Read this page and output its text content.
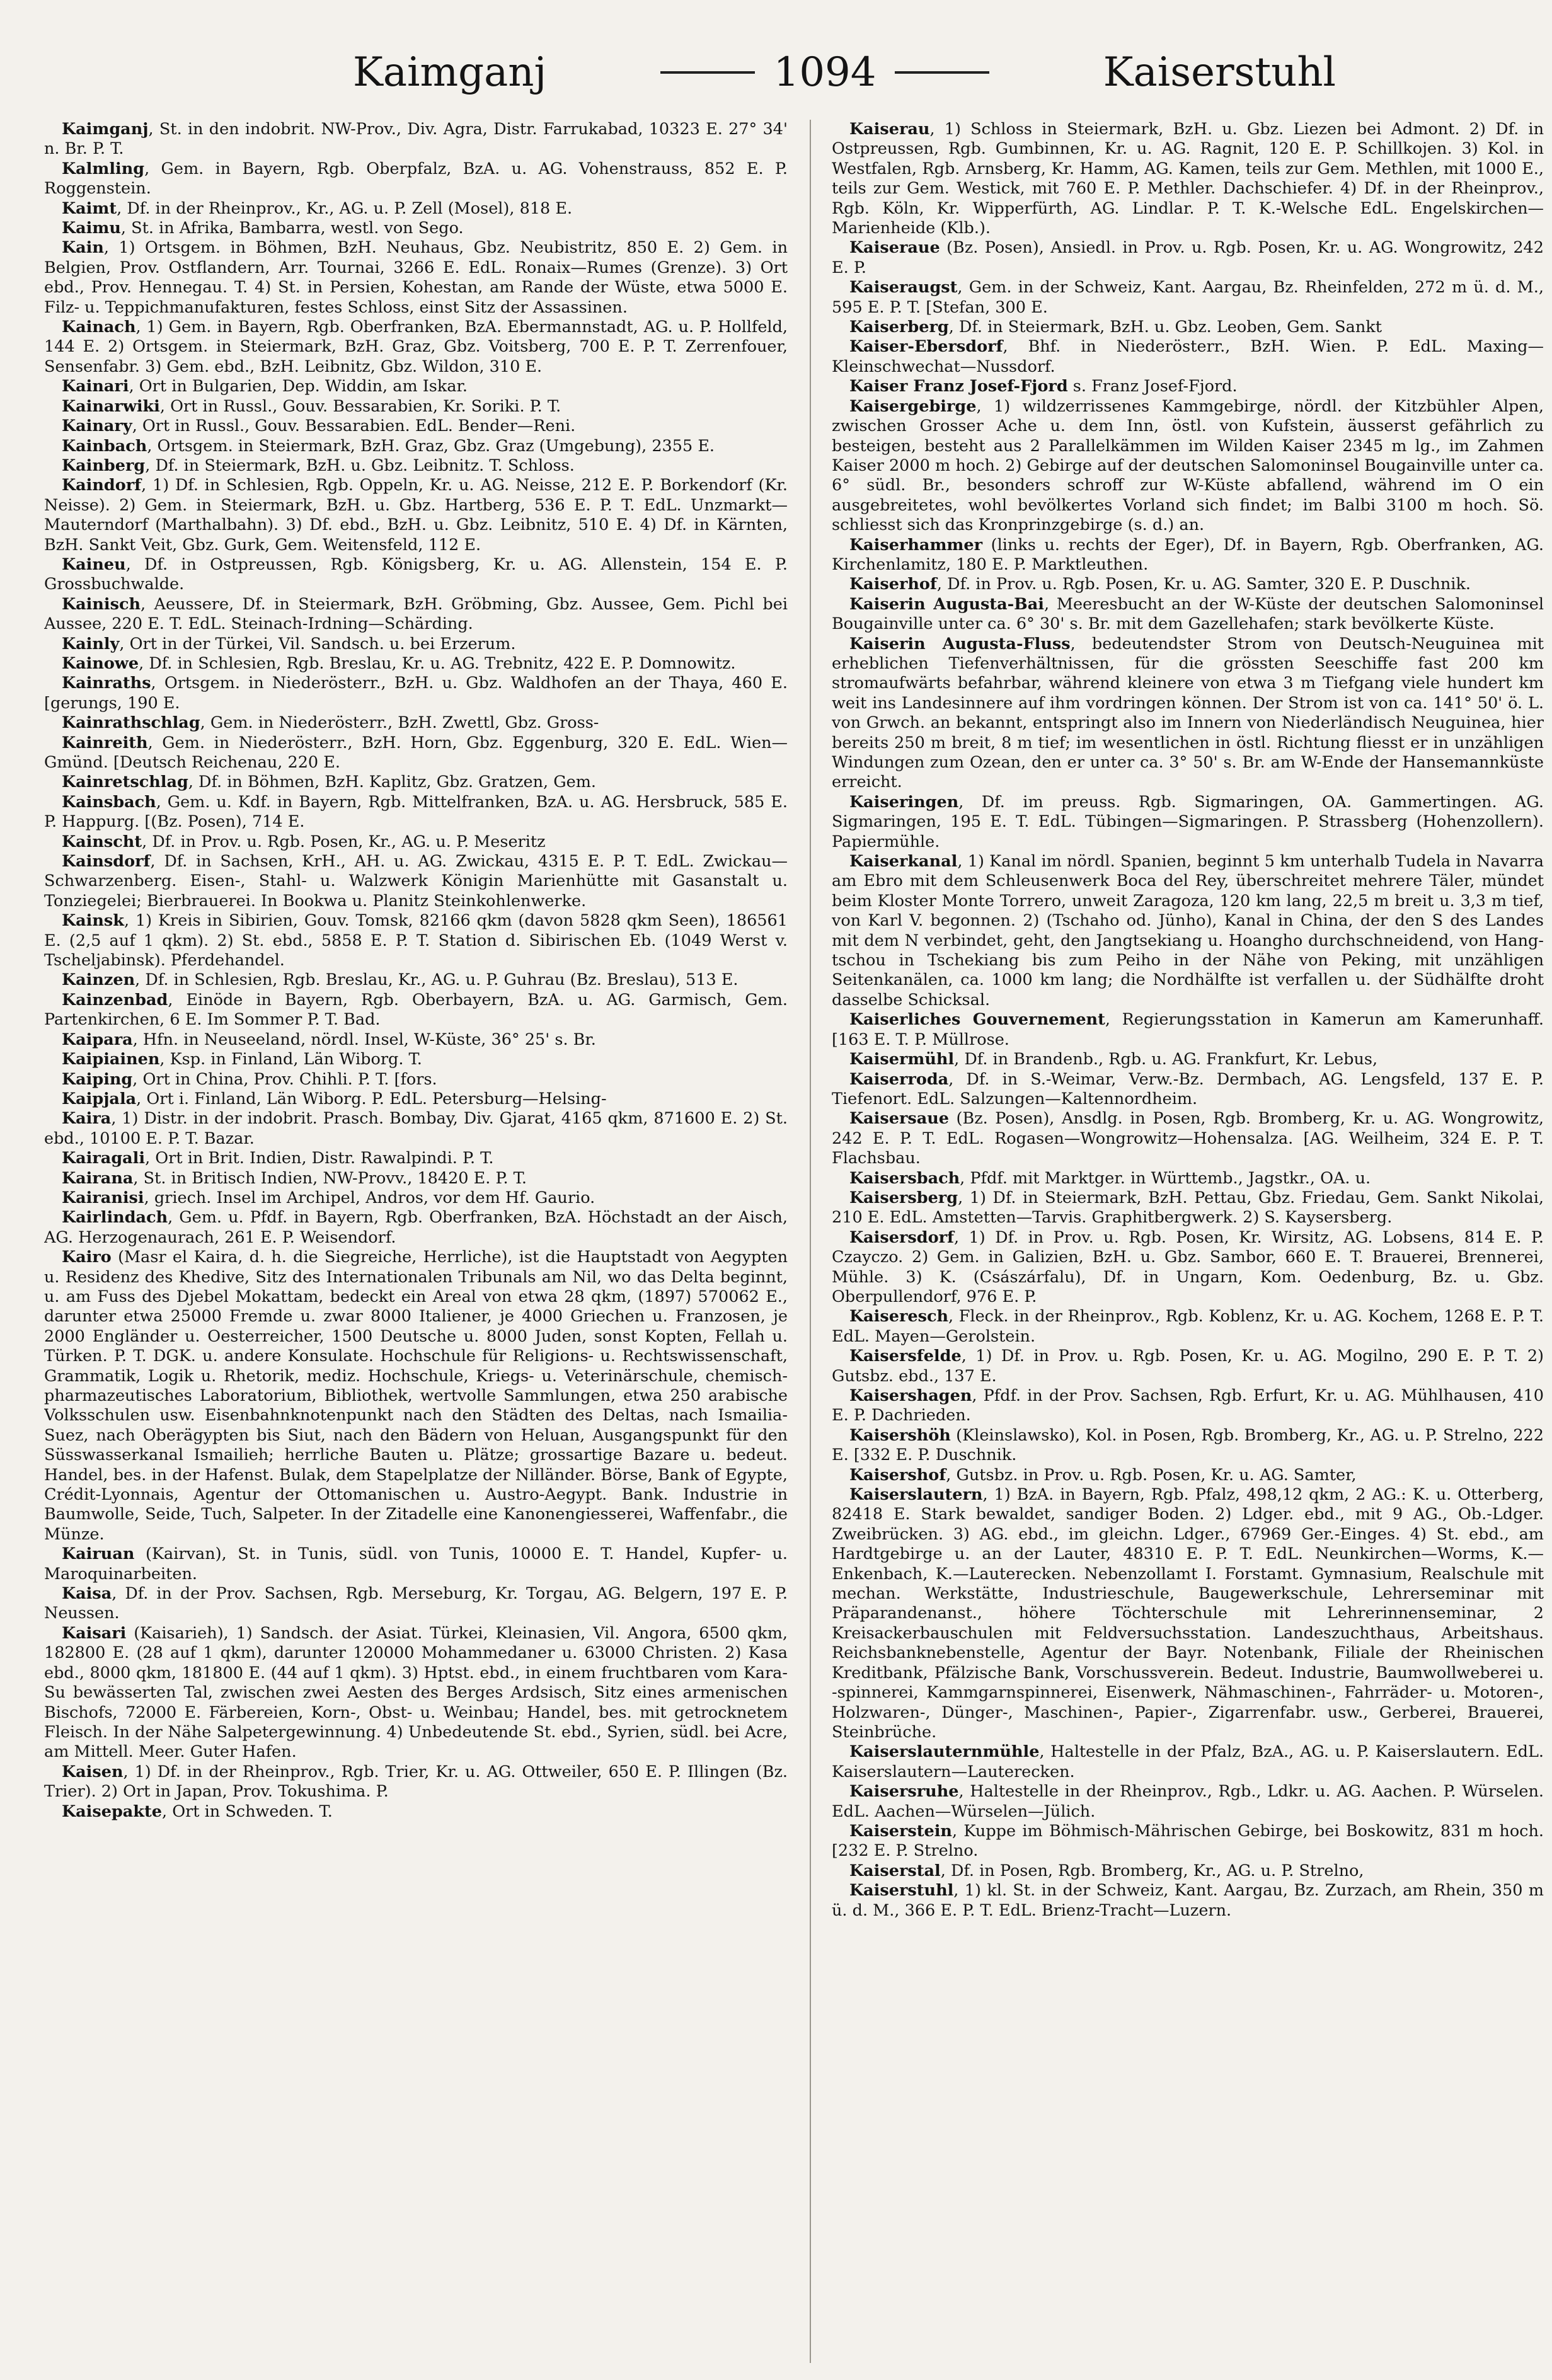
Kaimganj	1094	Kaiserstuhl

Kaimganj, St. in den indobrit. NW-Prov., Div. Agra, Distr. Farrukabad, 10323 E. 27° 34' n. Br. P. T.

Kalmling, Gem. in Bayern, Rgb. Oberpfalz, BzA. u. AG. Vohenstrauss, 852 E. P. Roggenstein.

Kaimt, Df. in der Rheinprov., Kr., AG. u. P. Zell (Mosel), 818 E.

Kaimu, St. in Afrika, Bambarra, westl. von Sego.

Kain, 1) Ortsgem. in Böhmen, BzH. Neuhaus, Gbz. Neubistritz, 850 E. 2) Gem. in Belgien, Prov. Ostflandern, Arr. Tournai, 3266 E. EdL. Ronaix—Rumes (Grenze). 3) Ort ebd., Prov. Hennegau. T. 4) St. in Persien, Kohestan, am Rande der Wüste, etwa 5000 E. Filz- u. Teppichmanufakturen, festes Schloss, einst Sitz der Assassinen.

Kainach, 1) Gem. in Bayern, Rgb. Oberfranken, BzA. Ebermannstadt, AG. u. P. Hollfeld, 144 E. 2) Ortsgem. in Steiermark, BzH. Graz, Gbz. Voitsberg, 700 E. P. T. Zerrenfouer, Sensenfabr. 3) Gem. ebd., BzH. Leibnitz, Gbz. Wildon, 310 E.

Kainari, Ort in Bulgarien, Dep. Widdin, am Iskar.

Kainarwiki, Ort in Russl., Gouv. Bessarabien, Kr. Soriki. P. T.

Kainary, Ort in Russl., Gouv. Bessarabien. EdL. Bender—Reni.

Kainbach, Ortsgem. in Steiermark, BzH. Graz, Gbz. Graz (Umgebung), 2355 E.

Kainberg, Df. in Steiermark, BzH. u. Gbz. Leibnitz. T. Schloss.

Kaindorf, 1) Df. in Schlesien, Rgb. Oppeln, Kr. u. AG. Neisse, 212 E. P. Borkendorf (Kr. Neisse). 2) Gem. in Steiermark, BzH. u. Gbz. Hartberg, 536 E. P. T. EdL. Unzmarkt—Mauterndorf (Marthalbahn). 3) Df. ebd., BzH. u. Gbz. Leibnitz, 510 E. 4) Df. in Kärnten, BzH. Sankt Veit, Gbz. Gurk, Gem. Weitensfeld, 112 E.

Kaineu, Df. in Ostpreussen, Rgb. Königsberg, Kr. u. AG. Allenstein, 154 E. P. Grossbuchwalde.

Kainisch, Aeussere, Df. in Steiermark, BzH. Gröbming, Gbz. Aussee, Gem. Pichl bei Aussee, 220 E. T. EdL. Steinach-Irdning—Schärding.

Kainly, Ort in der Türkei, Vil. Sandsch. u. bei Erzerum.

Kainowe, Df. in Schlesien, Rgb. Breslau, Kr. u. AG. Trebnitz, 422 E. P. Domnowitz.

Kainraths, Ortsgem. in Niederösterr., BzH. u. Gbz. Waldhofen an der Thaya, 460 E. [gerungs, 190 E.

Kainrathschlag, Gem. in Niederösterr., BzH. Zwettl, Gbz. Gross-

Kainreith, Gem. in Niederösterr., BzH. Horn, Gbz. Eggenburg, 320 E. EdL. Wien—Gmünd. [Deutsch Reichenau, 220 E.

Kainretschlag, Df. in Böhmen, BzH. Kaplitz, Gbz. Gratzen, Gem.

Kainsbach, Gem. u. Kdf. in Bayern, Rgb. Mittelfranken, BzA. u. AG. Hersbruck, 585 E. P. Happurg. [(Bz. Posen), 714 E.

Kainscht, Df. in Prov. u. Rgb. Posen, Kr., AG. u. P. Meseritz

Kainsdorf, Df. in Sachsen, KrH., AH. u. AG. Zwickau, 4315 E. P. T. EdL. Zwickau—Schwarzenberg. Eisen-, Stahl- u. Walzwerk Königin Marienhütte mit Gasanstalt u. Tonziegelei; Bierbrauerei. In Bookwa u. Planitz Steinkohlenwerke.

Kainsk, 1) Kreis in Sibirien, Gouv. Tomsk, 82166 qkm (davon 5828 qkm Seen), 186561 E. (2,5 auf 1 qkm). 2) St. ebd., 5858 E. P. T. Station d. Sibirischen Eb. (1049 Werst v. Tscheljabinsk). Pferdehandel.

Kainzen, Df. in Schlesien, Rgb. Breslau, Kr., AG. u. P. Guhrau (Bz. Breslau), 513 E.

Kainzenbad, Einöde in Bayern, Rgb. Oberbayern, BzA. u. AG. Garmisch, Gem. Partenkirchen, 6 E. Im Sommer P. T. Bad.

Kaipara, Hfn. in Neuseeland, nördl. Insel, W-Küste, 36° 25' s. Br.

Kaipiainen, Ksp. in Finland, Län Wiborg. T.

Kaiping, Ort in China, Prov. Chihli. P. T. [fors.

Kaipjala, Ort i. Finland, Län Wiborg. P. EdL. Petersburg—Helsing-

Kaira, 1) Distr. in der indobrit. Prasch. Bombay, Div. Gjarat, 4165 qkm, 871600 E. 2) St. ebd., 10100 E. P. T. Bazar.

Kairagali, Ort in Brit. Indien, Distr. Rawalpindi. P. T.

Kairana, St. in Britisch Indien, NW-Provv., 18420 E. P. T.

Kairanisi, griech. Insel im Archipel, Andros, vor dem Hf. Gaurio.

Kairlindach, Gem. u. Pfdf. in Bayern, Rgb. Oberfranken, BzA. Höchstadt an der Aisch, AG. Herzogenaurach, 261 E. P. Weisendorf.

Kairo (Masr el Kaira, d. h. die Siegreiche, Herrliche), ist die Hauptstadt von Aegypten u. Residenz des Khedive, Sitz des Internationalen Tribunals am Nil, wo das Delta beginnt, u. am Fuss des Djebel Mokattam, bedeckt ein Areal von etwa 28 qkm, (1897) 570062 E., darunter etwa 25000 Fremde u. zwar 8000 Italiener, je 4000 Griechen u. Franzosen, je 2000 Engländer u. Oesterreicher, 1500 Deutsche u. 8000 Juden, sonst Kopten, Fellah u. Türken. P. T. DGK. u. andere Konsulate. Hochschule für Religions- u. Rechtswissenschaft, Grammatik, Logik u. Rhetorik, mediz. Hochschule, Kriegs- u. Veterinärschule, chemisch-pharmazeutisches Laboratorium, Bibliothek, wertvolle Sammlungen, etwa 250 arabische Volksschulen usw. Eisenbahnknotenpunkt nach den Städten des Deltas, nach Ismailia-Suez, nach Oberägypten bis Siut, nach den Bädern von Heluan, Ausgangspunkt für den Süsswasserkanal Ismailieh; herrliche Bauten u. Plätze; grossartige Bazare u. bedeut. Handel, bes. in der Hafenst. Bulak, dem Stapelplatze der Nilländer. Börse, Bank of Egypte, Crédit-Lyonnais, Agentur der Ottomanischen u. Austro-Aegypt. Bank. Industrie in Baumwolle, Seide, Tuch, Salpeter. In der Zitadelle eine Kanonengiesserei, Waffenfabr., die Münze.

Kairuan (Kairvan), St. in Tunis, südl. von Tunis, 10000 E. T. Handel, Kupfer- u. Maroquinarbeiten.

Kaisa, Df. in der Prov. Sachsen, Rgb. Merseburg, Kr. Torgau, AG. Belgern, 197 E. P. Neussen.

Kaisari (Kaisarieh), 1) Sandsch. der Asiat. Türkei, Kleinasien, Vil. Angora, 6500 qkm, 182800 E. (28 auf 1 qkm), darunter 120000 Mohammedaner u. 63000 Christen. 2) Kasa ebd., 8000 qkm, 181800 E. (44 auf 1 qkm). 3) Hptst. ebd., in einem fruchtbaren vom Kara-Su bewässerten Tal, zwischen zwei Aesten des Berges Ardsisch, Sitz eines armenischen Bischofs, 72000 E. Färbereien, Korn-, Obst- u. Weinbau; Handel, bes. mit getrocknetem Fleisch. In der Nähe Salpetergewinnung. 4) Unbedeutende St. ebd., Syrien, südl. bei Acre, am Mittell. Meer. Guter Hafen.

Kaisen, 1) Df. in der Rheinprov., Rgb. Trier, Kr. u. AG. Ottweiler, 650 E. P. Illingen (Bz. Trier). 2) Ort in Japan, Prov. Tokushima. P.

Kaisepakte, Ort in Schweden. T.

Kaiserau, 1) Schloss in Steiermark, BzH. u. Gbz. Liezen bei Admont. 2) Df. in Ostpreussen, Rgb. Gumbinnen, Kr. u. AG. Ragnit, 120 E. P. Schillkojen. 3) Kol. in Westfalen, Rgb. Arnsberg, Kr. Hamm, AG. Kamen, teils zur Gem. Methlen, mit 1000 E., teils zur Gem. Westick, mit 760 E. P. Methler. Dachschiefer. 4) Df. in der Rheinprov., Rgb. Köln, Kr. Wipperfürth, AG. Lindlar. P. T. K.-Welsche EdL. Engelskirchen—Marienheide (Klb.).

Kaiseraue (Bz. Posen), Ansiedl. in Prov. u. Rgb. Posen, Kr. u. AG. Wongrowitz, 242 E. P.

Kaiseraugst, Gem. in der Schweiz, Kant. Aargau, Bz. Rheinfelden, 272 m ü. d. M., 595 E. P. T. [Stefan, 300 E.

Kaiserberg, Df. in Steiermark, BzH. u. Gbz. Leoben, Gem. Sankt

Kaiser-Ebersdorf, Bhf. in Niederösterr., BzH. Wien. P. EdL. Maxing—Kleinschwechat—Nussdorf.

Kaiser Franz Josef-Fjord s. Franz Josef-Fjord.

Kaisergebirge, 1) wildzerrissenes Kammgebirge, nördl. der Kitzbühler Alpen, zwischen Grosser Ache u. dem Inn, östl. von Kufstein, äusserst gefährlich zu besteigen, besteht aus 2 Parallelkämmen im Wilden Kaiser 2345 m lg., im Zahmen Kaiser 2000 m hoch. 2) Gebirge auf der deutschen Salomoninsel Bougainville unter ca. 6° südl. Br., besonders schroff zur W-Küste abfallend, während im O ein ausgebreitetes, wohl bevölkertes Vorland sich findet; im Balbi 3100 m hoch. Sö. schliesst sich das Kronprinzgebirge (s. d.) an.

Kaiserhammer (links u. rechts der Eger), Df. in Bayern, Rgb. Oberfranken, AG. Kirchenlamitz, 180 E. P. Marktleuthen.

Kaiserhof, Df. in Prov. u. Rgb. Posen, Kr. u. AG. Samter, 320 E. P. Duschnik.

Kaiserin Augusta-Bai, Meeresbucht an der W-Küste der deutschen Salomoninsel Bougainville unter ca. 6° 30' s. Br. mit dem Gazellehafen; stark bevölkerte Küste.

Kaiserin Augusta-Fluss, bedeutendster Strom von Deutsch-Neuguinea mit erheblichen Tiefenverhältnissen, für die grössten Seeschiffe fast 200 km stromaufwärts befahrbar, während kleinere von etwa 3 m Tiefgang viele hundert km weit ins Landesinnere auf ihm vordringen können. Der Strom ist von ca. 141° 50' ö. L. von Grwch. an bekannt, entspringt also im Innern von Niederländisch Neuguinea, hier bereits 250 m breit, 8 m tief; im wesentlichen in östl. Richtung fliesst er in unzähligen Windungen zum Ozean, den er unter ca. 3° 50' s. Br. am W-Ende der Hansemannküste erreicht.

Kaiseringen, Df. im preuss. Rgb. Sigmaringen, OA. Gammertingen. AG. Sigmaringen, 195 E. T. EdL. Tübingen—Sigmaringen. P. Strassberg (Hohenzollern). Papiermühle.

Kaiserkanal, 1) Kanal im nördl. Spanien, beginnt 5 km unterhalb Tudela in Navarra am Ebro mit dem Schleusenwerk Boca del Rey, überschreitet mehrere Täler, mündet beim Kloster Monte Torrero, unweit Zaragoza, 120 km lang, 22,5 m breit u. 3,3 m tief, von Karl V. begonnen. 2) (Tschaho od. Jünho), Kanal in China, der den S des Landes mit dem N verbindet, geht, den Jangtsekiang u. Hoangho durchschneidend, von Hang-tschou in Tschekiang bis zum Peiho in der Nähe von Peking, mit unzähligen Seitenkanälen, ca. 1000 km lang; die Nordhälfte ist verfallen u. der Südhälfte droht dasselbe Schicksal.

Kaiserliches Gouvernement, Regierungsstation in Kamerun am Kamerunhaff. [163 E. T. P. Müllrose.

Kaisermühl, Df. in Brandenb., Rgb. u. AG. Frankfurt, Kr. Lebus,

Kaiserroda, Df. in S.-Weimar, Verw.-Bz. Dermbach, AG. Lengsfeld, 137 E. P. Tiefenort. EdL. Salzungen—Kaltennordheim.

Kaisersaue (Bz. Posen), Ansdlg. in Posen, Rgb. Bromberg, Kr. u. AG. Wongrowitz, 242 E. P. T. EdL. Rogasen—Wongrowitz—Hohensalza. [AG. Weilheim, 324 E. P. T. Flachsbau.

Kaisersbach, Pfdf. mit Marktger. in Württemb., Jagstkr., OA. u.

Kaisersberg, 1) Df. in Steiermark, BzH. Pettau, Gbz. Friedau, Gem. Sankt Nikolai, 210 E. EdL. Amstetten—Tarvis. Graphitbergwerk. 2) S. Kaysersberg.

Kaisersdorf, 1) Df. in Prov. u. Rgb. Posen, Kr. Wirsitz, AG. Lobsens, 814 E. P. Czayczo. 2) Gem. in Galizien, BzH. u. Gbz. Sambor, 660 E. T. Brauerei, Brennerei, Mühle. 3) K. (Császárfalu), Df. in Ungarn, Kom. Oedenburg, Bz. u. Gbz. Oberpullendorf, 976 E. P.

Kaiseresch, Fleck. in der Rheinprov., Rgb. Koblenz, Kr. u. AG. Kochem, 1268 E. P. T. EdL. Mayen—Gerolstein.

Kaisersfelde, 1) Df. in Prov. u. Rgb. Posen, Kr. u. AG. Mogilno, 290 E. P. T. 2) Gutsbz. ebd., 137 E.

Kaisershagen, Pfdf. in der Prov. Sachsen, Rgb. Erfurt, Kr. u. AG. Mühlhausen, 410 E. P. Dachrieden.

Kaisershöh (Kleinslawsko), Kol. in Posen, Rgb. Bromberg, Kr., AG. u. P. Strelno, 222 E. [332 E. P. Duschnik.

Kaisershof, Gutsbz. in Prov. u. Rgb. Posen, Kr. u. AG. Samter,

Kaiserslautern, 1) BzA. in Bayern, Rgb. Pfalz, 498,12 qkm, 2 AG.: K. u. Otterberg, 82418 E. Stark bewaldet, sandiger Boden. 2) Ldger. ebd., mit 9 AG., Ob.-Ldger. Zweibrücken. 3) AG. ebd., im gleichn. Ldger., 67969 Ger.-Einges. 4) St. ebd., am Hardtgebirge u. an der Lauter, 48310 E. P. T. EdL. Neunkirchen—Worms, K.—Enkenbach, K.—Lauterecken. Nebenzollamt I. Forstamt. Gymnasium, Realschule mit mechan. Werkstätte, Industrieschule, Baugewerkschule, Lehrerseminar mit Präparandenanst., höhere Töchterschule mit Lehrerinnenseminar, 2 Kreisackerbauschulen mit Feldversuchsstation. Landeszuchthaus, Arbeitshaus. Reichsbanknebenstelle, Agentur der Bayr. Notenbank, Filiale der Rheinischen Kreditbank, Pfälzische Bank, Vorschussverein. Bedeut. Industrie, Baumwollweberei u. -spinnerei, Kammgarnspinnerei, Eisenwerk, Nähmaschinen-, Fahrräder- u. Motoren-, Holzwaren-, Dünger-, Maschinen-, Papier-, Zigarrenfabr. usw., Gerberei, Brauerei, Steinbrüche.

Kaiserslauternmühle, Haltestelle in der Pfalz, BzA., AG. u. P. Kaiserslautern. EdL. Kaiserslautern—Lauterecken.

Kaisersruhe, Haltestelle in der Rheinprov., Rgb., Ldkr. u. AG. Aachen. P. Würselen. EdL. Aachen—Würselen—Jülich.

Kaiserstein, Kuppe im Böhmisch-Mährischen Gebirge, bei Boskowitz, 831 m hoch. [232 E. P. Strelno.

Kaiserstal, Df. in Posen, Rgb. Bromberg, Kr., AG. u. P. Strelno,

Kaiserstuhl, 1) kl. St. in der Schweiz, Kant. Aargau, Bz. Zurzach, am Rhein, 350 m ü. d. M., 366 E. P. T. EdL. Brienz-Tracht—Luzern.
